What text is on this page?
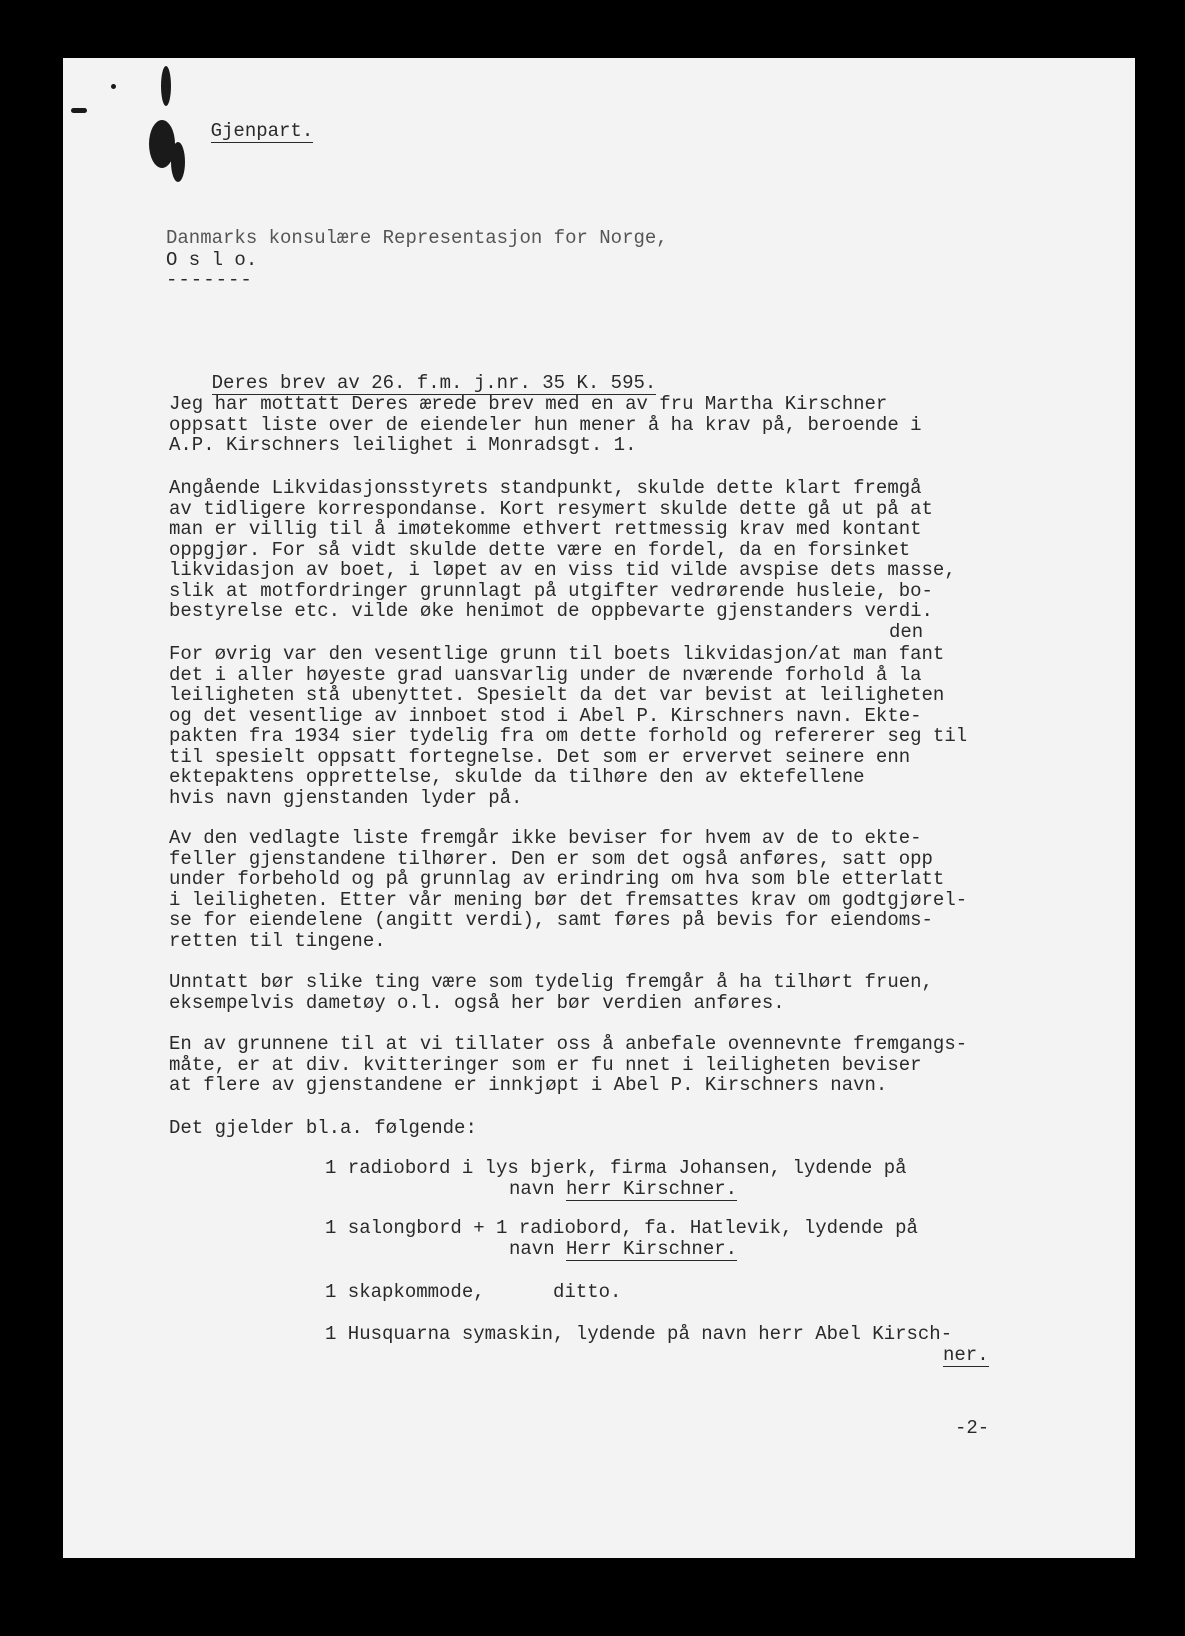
Gjenpart.

Danmarks konsulære Representasjon for Norge,
O s l o.
-------

Deres brev av 26. f.m. j.nr. 35 K. 595.

Jeg har mottatt Deres ærede brev med en av fru Martha Kirschner
oppsatt liste over de eiendeler hun mener å ha krav på, beroende i
A.P. Kirschners leilighet i Monradsgt. 1.
Angående Likvidasjonsstyrets standpunkt, skulde dette klart fremgå
av tidligere korrespondanse. Kort resymert skulde dette gå ut på at
man er villig til å imøtekomme ethvert rettmessig krav med kontant
oppgjør. For så vidt skulde dette være en fordel, da en forsinket
likvidasjon av boet, i løpet av en viss tid vilde avspise dets masse,
slik at motfordringer grunnlagt på utgifter vedrørende husleie, bo-
bestyrelse etc. vilde øke henimot de oppbevarte gjenstanders verdi.
den
For øvrig var den vesentlige grunn til boets likvidasjon/at man fant
det i aller høyeste grad uansvarlig under de nværende forhold å la
leiligheten stå ubenyttet. Spesielt da det var bevist at leiligheten
og det vesentlige av innboet stod i Abel P. Kirschners navn. Ekte-
pakten fra 1934 sier tydelig fra om dette forhold og refererer seg til
til spesielt oppsatt fortegnelse. Det som er ervervet seinere enn
ektepaktens opprettelse, skulde da tilhøre den av ektefellene
hvis navn gjenstanden lyder på.
Av den vedlagte liste fremgår ikke beviser for hvem av de to ekte-
feller gjenstandene tilhører. Den er som det også anføres, satt opp
under forbehold og på grunnlag av erindring om hva som ble etterlatt
i leiligheten. Etter vår mening bør det fremsattes krav om godtgjørel-
se for eiendelene (angitt verdi), samt føres på bevis for eiendoms-
retten til tingene.
Unntatt bør slike ting være som tydelig fremgår å ha tilhørt fruen,
eksempelvis dametøy o.l. også her bør verdien anføres.
En av grunnene til at vi tillater oss å anbefale ovennevnte fremgangs-
måte, er at div. kvitteringer som er fu nnet i leiligheten beviser
at flere av gjenstandene er innkjøpt i Abel P. Kirschners navn.
Det gjelder bl.a. følgende:
1 radiobord i lys bjerk, firma Johansen, lydende på
navn herr Kirschner.
1 salongbord + 1 radiobord, fa. Hatlevik, lydende på
navn Herr Kirschner.
1 skapkommode,      ditto.
1 Husquarna symaskin, lydende på navn herr Abel Kirsch-
ner.
-2-
